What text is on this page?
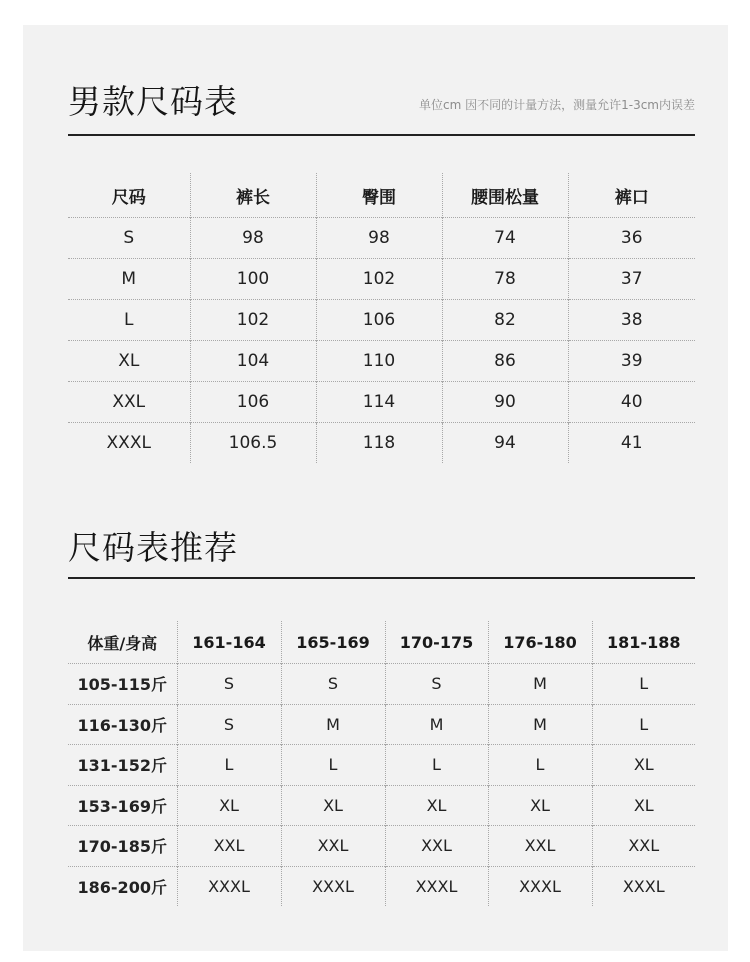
男款尺码表	单位cm 因不同的计量方法，测量允许1-3cm内误差
尺码	裤长	臀围	腰围松量	裤口
S	98	98	74	36
M	100	102	78	37
L	102	106	82	38
XL	104	110	86	39
XXL	106	114	90	40
XXXL	106.5	118	94	41
尺码表推荐
体重/身高	161-164	165-169	170-175	176-180	181-188
105-115斤	S	S	S	M	L
116-130斤	S	M	M	M	L
131-152斤	L	L	L	L	XL
153-169斤	XL	XL	XL	XL	XL
170-185斤	XXL	XXL	XXL	XXL	XXL
186-200斤	XXXL	XXXL	XXXL	XXXL	XXXL
